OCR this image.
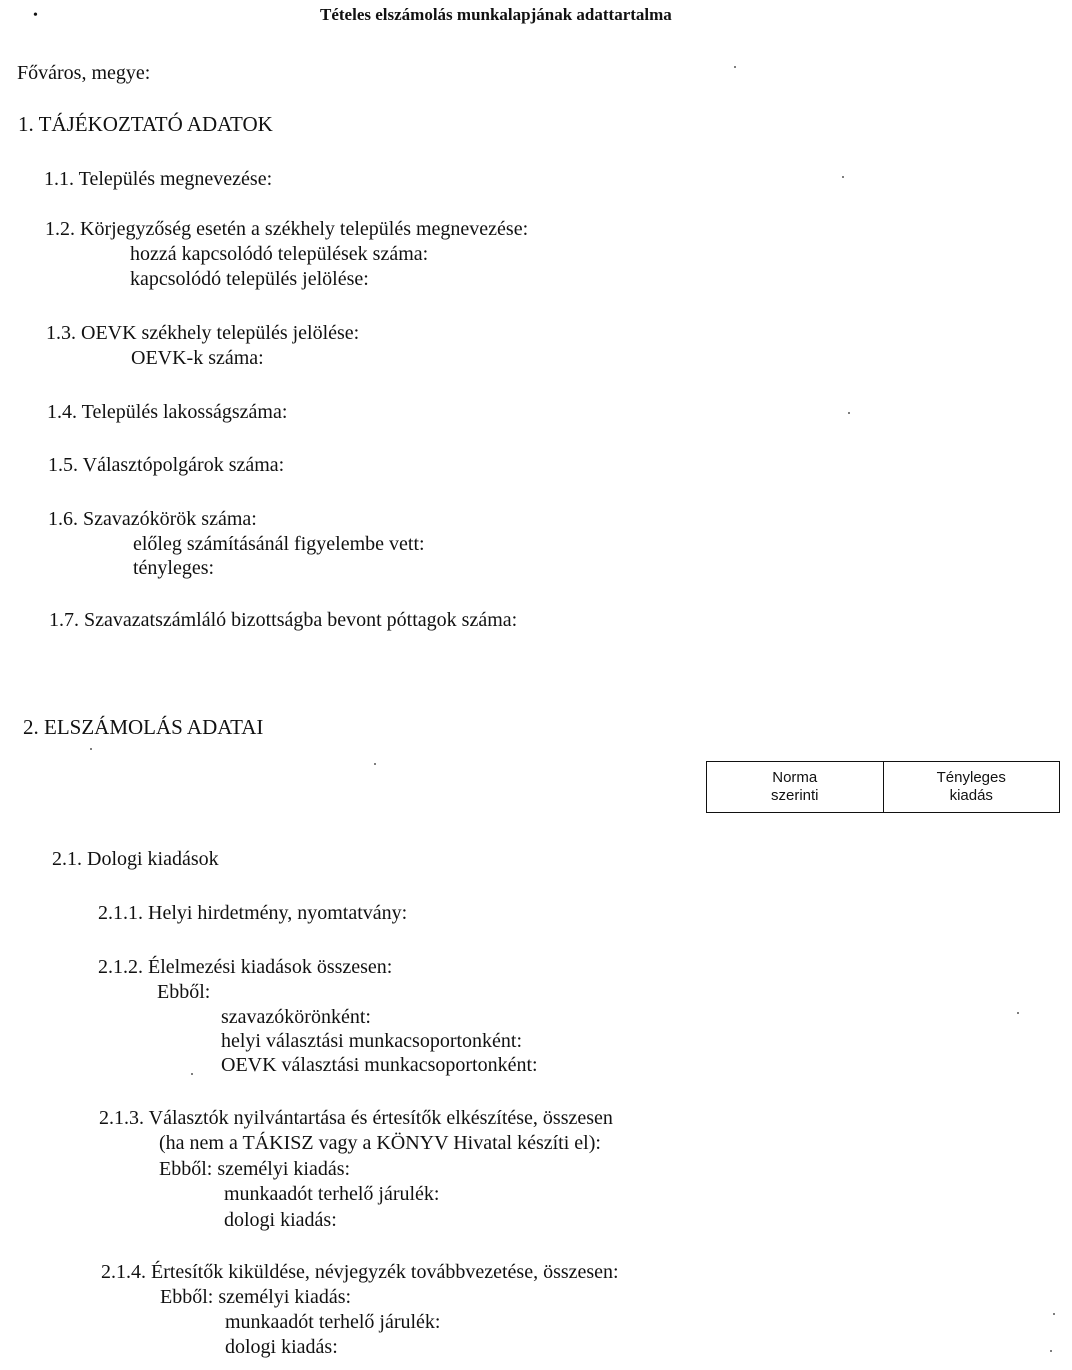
•	Tételes elszámolás munkalapjának adattartalma
Főváros, megye:
1. TÁJÉKOZTATÓ ADATOK
1.1. Település megnevezése:
1.2. Körjegyzőség esetén a székhely település megnevezése:
hozzá kapcsolódó települések száma:
kapcsolódó település jelölése:
1.3. OEVK székhely település jelölése:
OEVK-k száma:
1.4. Település lakosságszáma:
1.5. Választópolgárok száma:
1.6. Szavazókörök száma:
előleg számításánál figyelembe vett:
tényleges:
1.7. Szavazatszámláló bizottságba bevont póttagok száma:
2. ELSZÁMOLÁS ADATAI
Norma
szerinti
Tényleges
kiadás
2.1. Dologi kiadások
2.1.1. Helyi hirdetmény, nyomtatvány:
2.1.2. Élelmezési kiadások összesen:
Ebből:
szavazókörönként:
helyi választási munkacsoportonként:
OEVK választási munkacsoportonként:
2.1.3. Választók nyilvántartása és értesítők elkészítése, összesen
(ha nem a TÁKISZ vagy a KÖNYV Hivatal készíti el):
Ebből: személyi kiadás:
munkaadót terhelő járulék:
dologi kiadás:
2.1.4. Értesítők kiküldése, névjegyzék továbbvezetése, összesen:
Ebből: személyi kiadás:
munkaadót terhelő járulék:
dologi kiadás:
